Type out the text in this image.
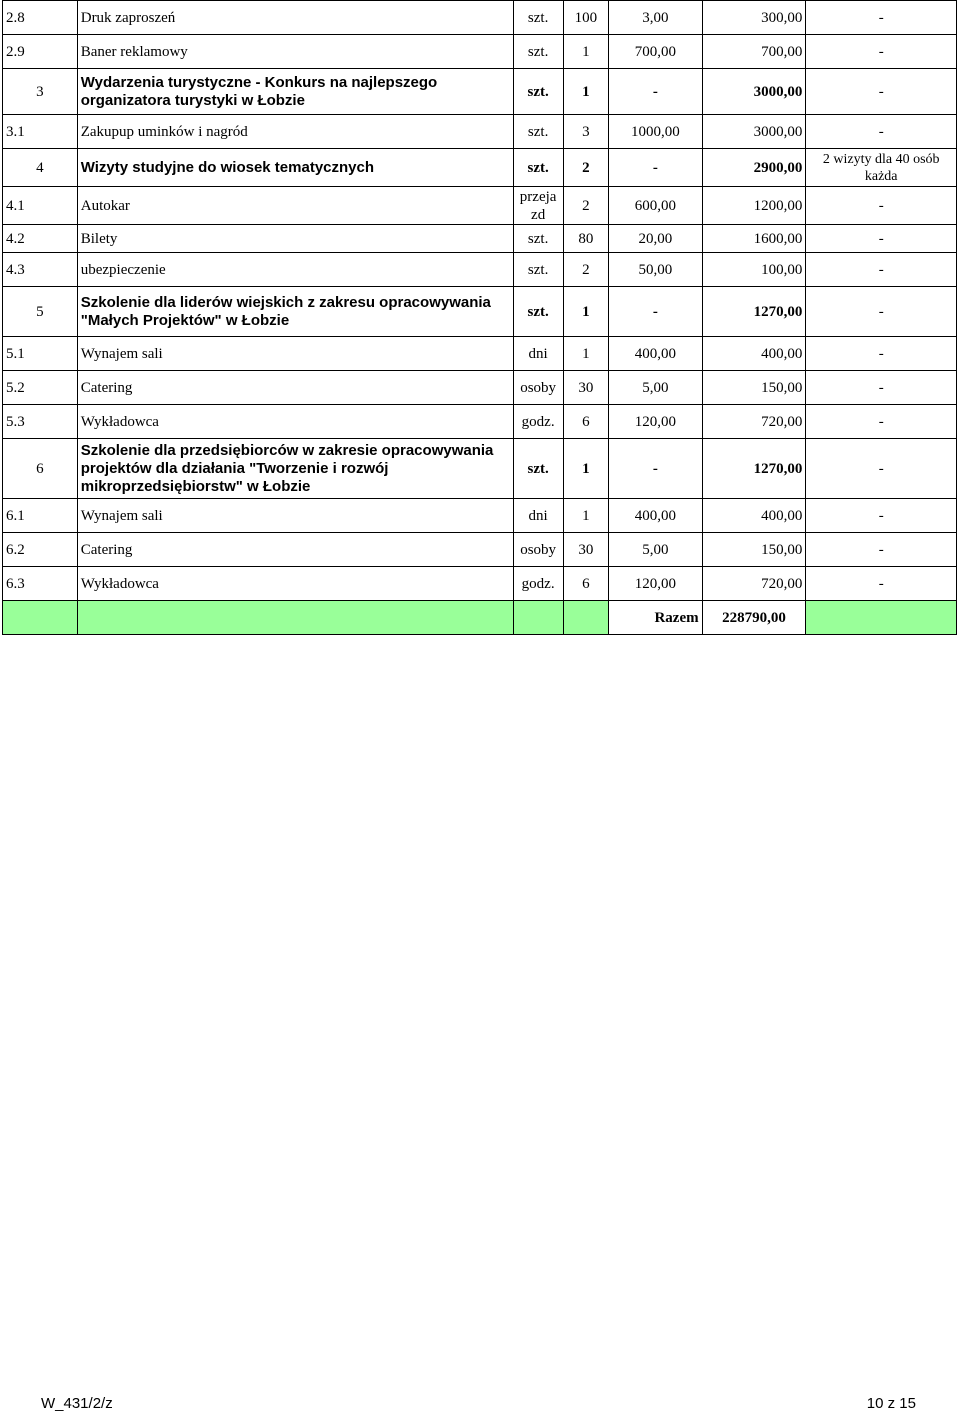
2.8	Druk zaproszeń	szt.	100	3,00	300,00	-
2.9	Baner reklamowy	szt.	1	700,00	700,00	-
3	Wydarzenia turystyczne - Konkurs na najlepszego organizatora turystyki w Łobzie	szt.	1	-	3000,00	-
3.1	Zakupup uminków i nagród	szt.	3	1000,00	3000,00	-
4	Wizyty studyjne do wiosek tematycznych	szt.	2	-	2900,00	2 wizyty dla 40 osób każda
4.1	Autokar	przeja zd	2	600,00	1200,00	-
4.2	Bilety	szt.	80	20,00	1600,00	-
4.3	ubezpieczenie	szt.	2	50,00	100,00	-
5	Szkolenie dla liderów wiejskich z zakresu opracowywania "Małych Projektów" w Łobzie	szt.	1	-	1270,00	-
5.1	Wynajem sali	dni	1	400,00	400,00	-
5.2	Catering	osoby	30	5,00	150,00	-
5.3	Wykładowca	godz.	6	120,00	720,00	-
6	Szkolenie dla przedsiębiorców w zakresie opracowywania projektów dla działania "Tworzenie i rozwój mikroprzedsiębiorstw" w Łobzie	szt.	1	-	1270,00	-
6.1	Wynajem sali	dni	1	400,00	400,00	-
6.2	Catering	osoby	30	5,00	150,00	-
6.3	Wykładowca	godz.	6	120,00	720,00	-
				Razem	228790,00	
W_431/2/z	10 z 15
